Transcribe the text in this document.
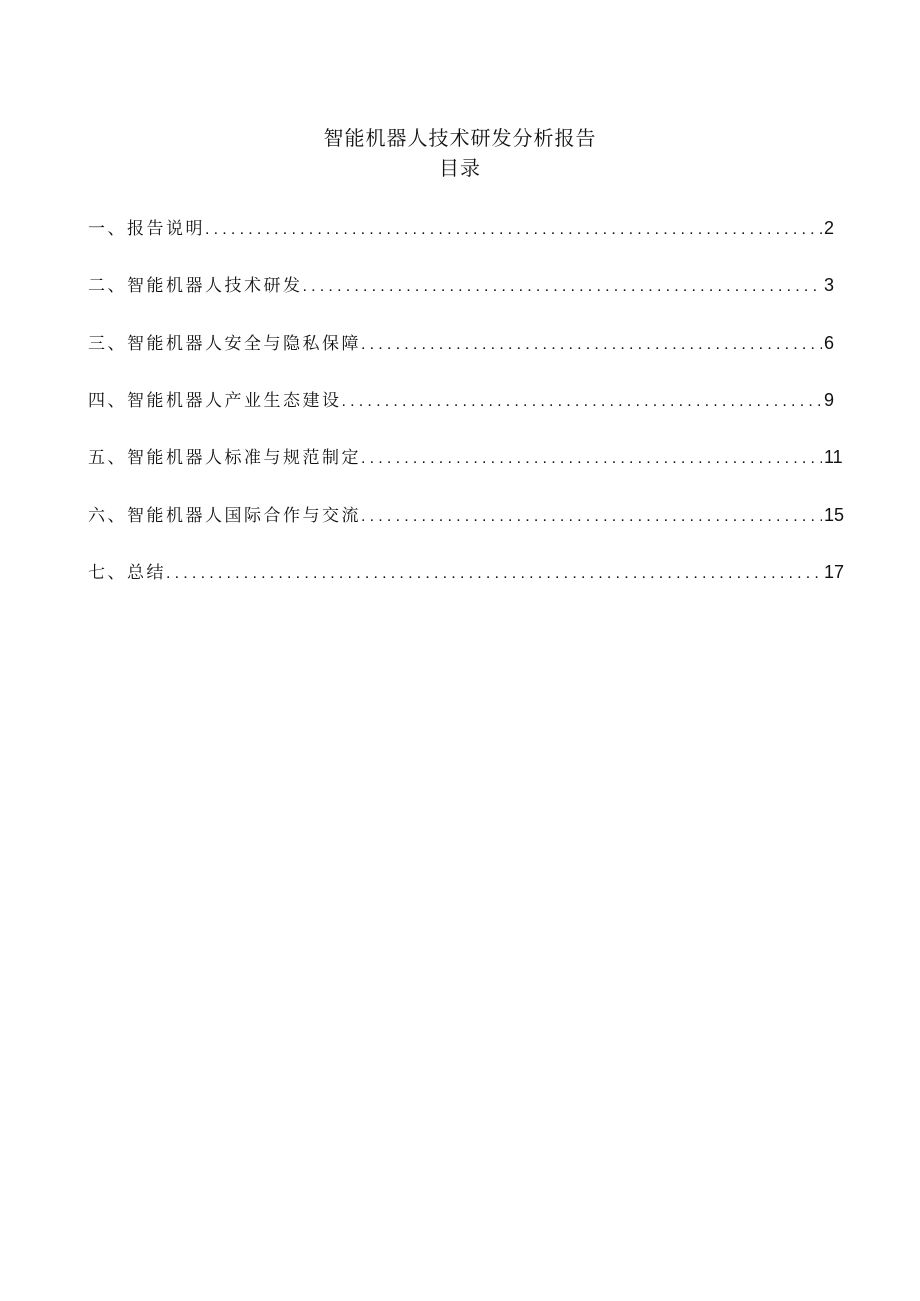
智能机器人技术研发分析报告
目录
一、报告说明 .....	2
二、智能机器人技术研发 .....	3
三、智能机器人安全与隐私保障 .....	6
四、智能机器人产业生态建设 .....	9
五、智能机器人标准与规范制定 .....	11
六、智能机器人国际合作与交流 .....	15
七、总结 .....	17
